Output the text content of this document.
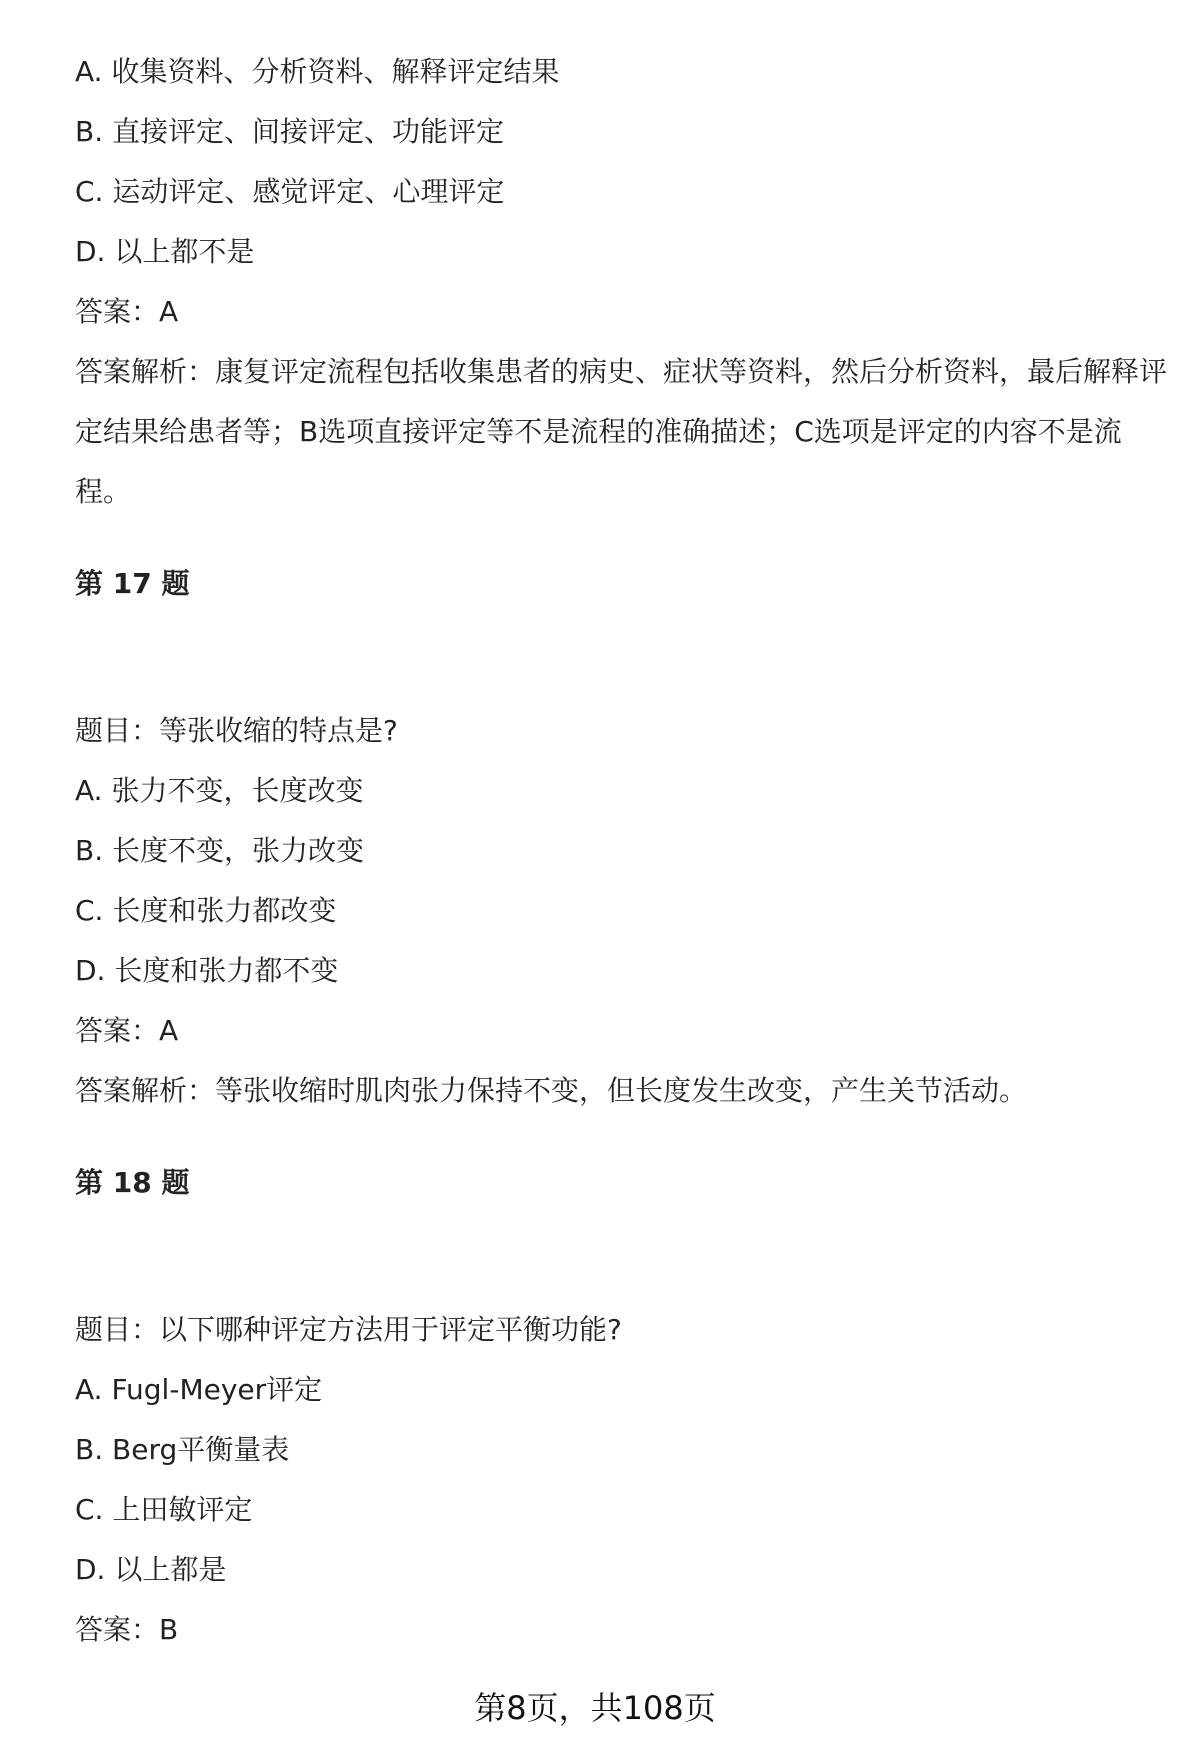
A. 收集资料、分析资料、解释评定结果

B. 直接评定、间接评定、功能评定

C. 运动评定、感觉评定、心理评定

D. 以上都不是

答案：A

答案解析：康复评定流程包括收集患者的病史、症状等资料，然后分析资料，最后解释评定结果给患者等；B选项直接评定等不是流程的准确描述；C选项是评定的内容不是流程。

第 17 题

题目：等张收缩的特点是?

A. 张力不变，长度改变

B. 长度不变，张力改变

C. 长度和张力都改变

D. 长度和张力都不变

答案：A

答案解析：等张收缩时肌肉张力保持不变，但长度发生改变，产生关节活动。

第 18 题

题目：以下哪种评定方法用于评定平衡功能?

A. Fugl-Meyer评定

B. Berg平衡量表

C. 上田敏评定

D. 以上都是

答案：B

第8页，共108页
